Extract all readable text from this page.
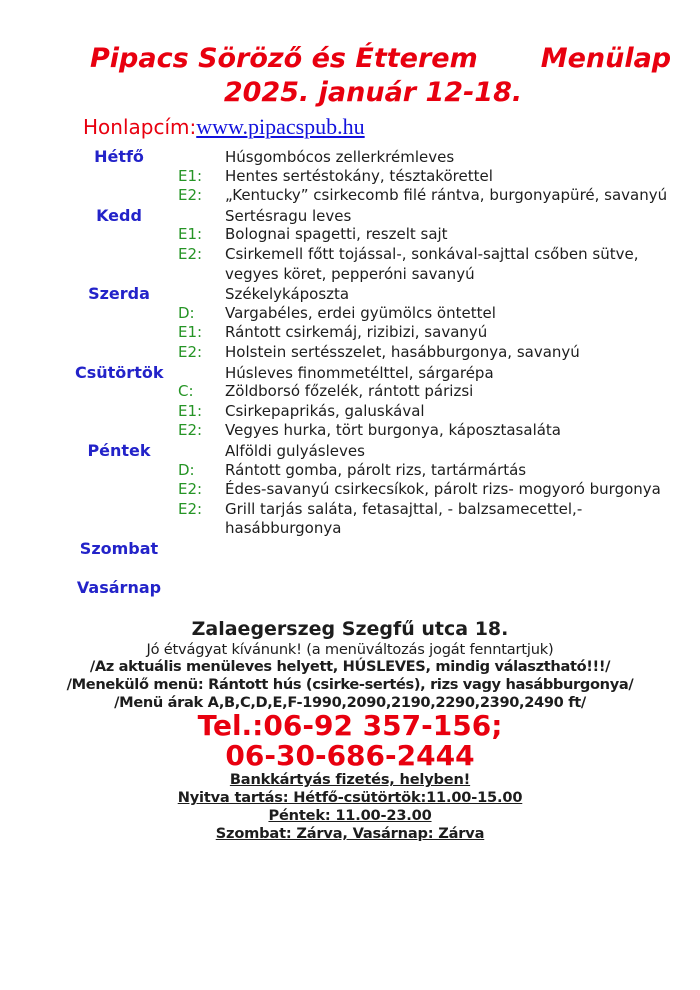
Pipacs Söröző és Étterem Menülap
2025. január 12-18.
Honlapcím:www.pipacspub.hu
Hétfő	Húsgombócos zellerkrémleves
E1:	Hentes sertéstokány, tésztakörettel
E2:	„Kentucky” csirkecomb filé rántva, burgonyapüré, savanyú
Kedd	Sertésragu leves
E1:	Bolognai spagetti, reszelt sajt
E2:	Csirkemell főtt tojással-, sonkával-sajttal csőben sütve,
vegyes köret, pepperóni savanyú
Szerda	Székelykáposzta
D:	Vargabéles, erdei gyümölcs öntettel
E1:	Rántott csirkemáj, rizibizi, savanyú
E2:	Holstein sertésszelet, hasábburgonya, savanyú
Csütörtök	Húsleves finommetélttel, sárgarépa
C:	Zöldborsó főzelék, rántott párizsi
E1:	Csirkepaprikás, galuskával
E2:	Vegyes hurka, tört burgonya, káposztasaláta
Péntek	Alföldi gulyásleves
D:	Rántott gomba, párolt rizs, tartármártás
E2:	Édes-savanyú csirkecsíkok, párolt rizs- mogyoró burgonya
E2:	Grill tarjás saláta, fetasajttal, - balzsamecettel,-
hasábburgonya
Szombat
Vasárnap
Zalaegerszeg Szegfű utca 18.
Jó étvágyat kívánunk! (a menüváltozás jogát fenntartjuk)
/Az aktuális menüleves helyett, HÚSLEVES, mindig választható!!!/
/Menekülő menü: Rántott hús (csirke-sertés), rizs vagy hasábburgonya/
/Menü árak A,B,C,D,E,F-1990,2090,2190,2290,2390,2490 ft/
Tel.:06-92 357-156;
06-30-686-2444
Bankkártyás fizetés, helyben!
Nyitva tartás: Hétfő-csütörtök:11.00-15.00
Péntek: 11.00-23.00
Szombat: Zárva, Vasárnap: Zárva
